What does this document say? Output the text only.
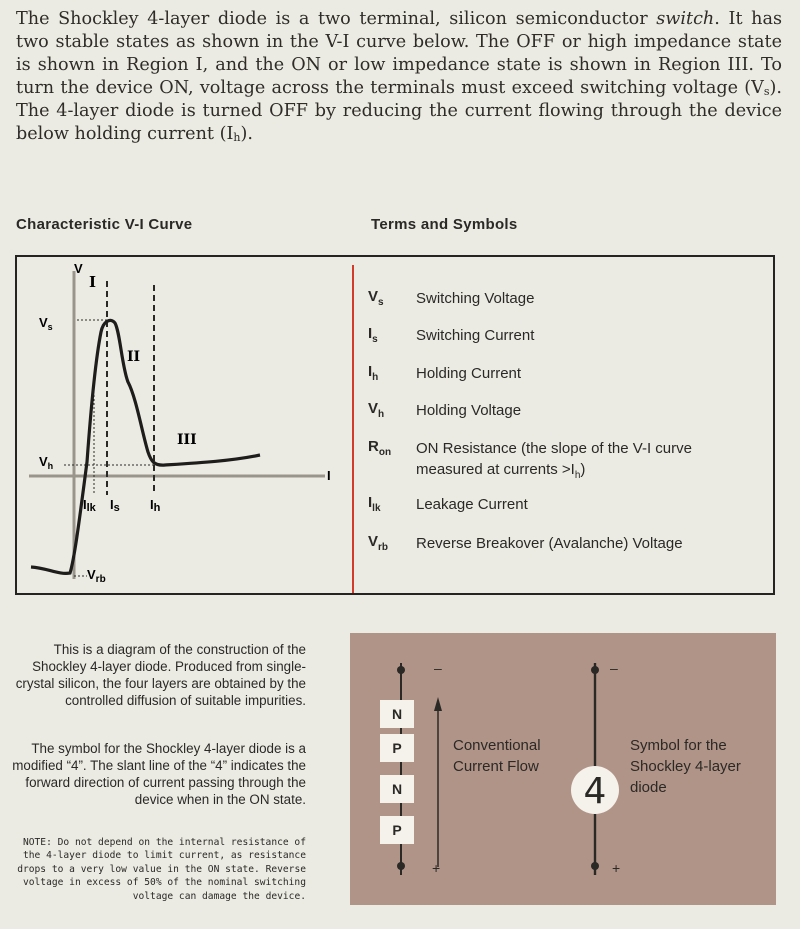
The Shockley 4-layer diode is a two terminal, silicon semiconductor switch. It has two stable states as shown in the V-I curve below. The OFF or high impedance state is shown in Region I, and the ON or low impedance state is shown in Region III. To turn the device ON, voltage across the terminals must exceed switching voltage $(V_s)$. The 4-layer diode is turned OFF by reducing the current flowing through the device below holding current $(I_h)$.

Characteristic V-I Curve	Terms and Symbols
V
I
I
II
III
$V_s$
$V_h$
$V_{rb}$
Ilk Is Ih
$V_s$	Switching Voltage
$I_s$	Switching Current
$I_h$	Holding Current
$V_h$	Holding Voltage
$R_{on}$	ON Resistance (the slope of the V-I curve measured at currents $>I_h$)
$I_{lk}$	Leakage Current
$V_{rb}$	Reverse Breakover (Avalanche) Voltage

This is a diagram of the construction of the Shockley 4-layer diode. Produced from single-crystal silicon, the four layers are obtained by the controlled diffusion of suitable impurities.

The symbol for the Shockley 4-layer diode is a modified “4”. The slant line of the “4” indicates the forward direction of current passing through the device when in the ON state.

NOTE: Do not depend on the internal resistance of the 4-layer diode to limit current, as resistance drops to a very low value in the ON state. Reverse voltage in excess of 50% of the nominal switching voltage can damage the device.

4
–	–
+	+
N
P
N
P

Conventional Current Flow

Symbol for the Shockley 4-layer diode
